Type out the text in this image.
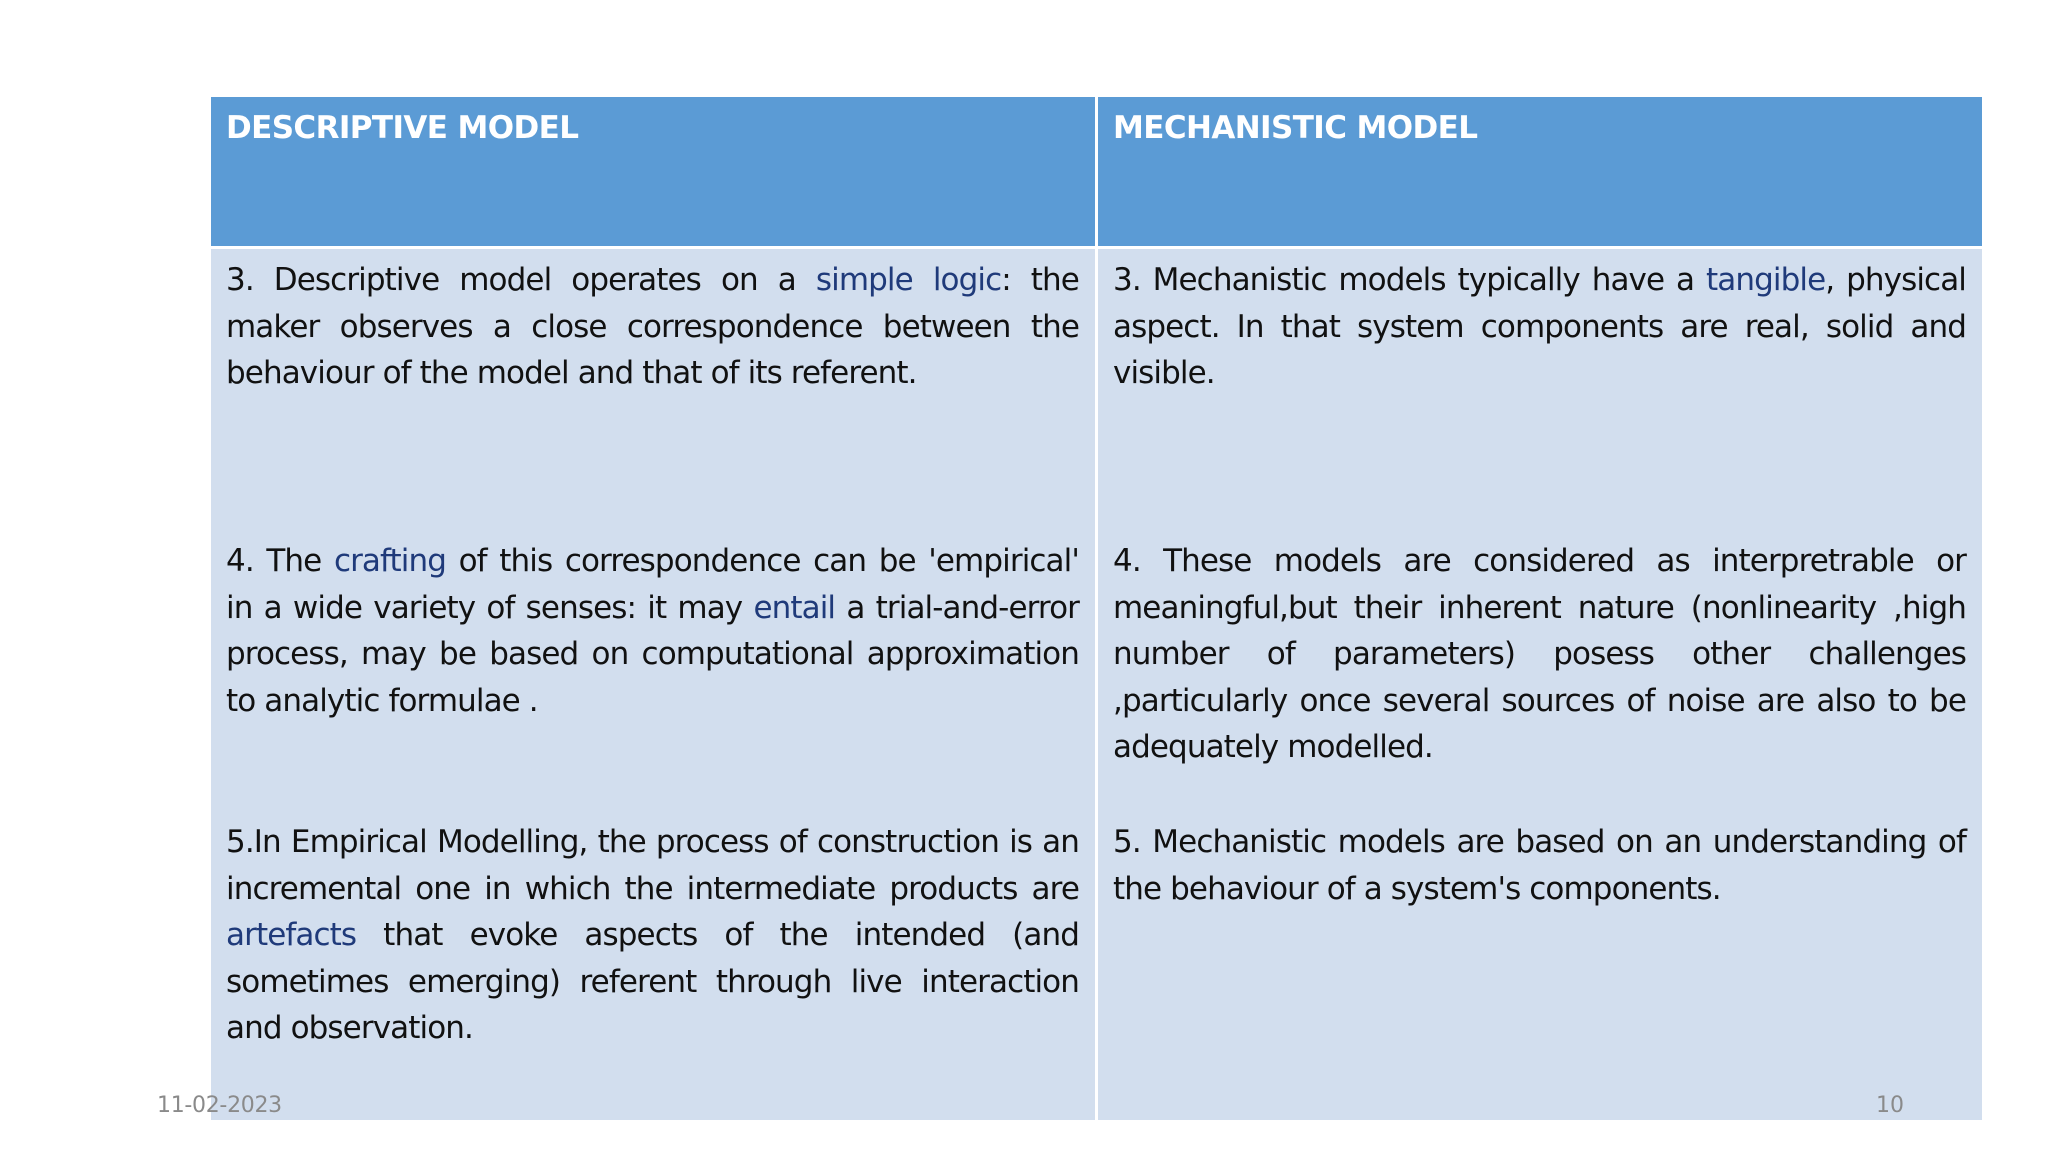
DESCRIPTIVE MODEL	MECHANISTIC MODEL

3. Descriptive model operates on a simple logic: the maker observes a close correspondence between the behaviour of the model and that of its referent.

4. The crafting of this correspondence can be 'empirical' in a wide variety of senses: it may entail a trial-and-error process, may be based on computational approximation to analytic formulae .

5.In Empirical Modelling, the process of construction is an incremental one in which the intermediate products are artefacts that evoke aspects of the intended (and sometimes emerging) referent through live interaction and observation.

3. Mechanistic models typically have a tangible, physical aspect. In that system components are real, solid and visible.

4. These models are considered as interpretrable or meaningful,but their inherent nature (nonlinearity ,high number of parameters) posess other challenges ,particularly once several sources of noise are also to be adequately modelled.

5. Mechanistic models are based on an understanding of the behaviour of a system's components.

11-02-2023	10
